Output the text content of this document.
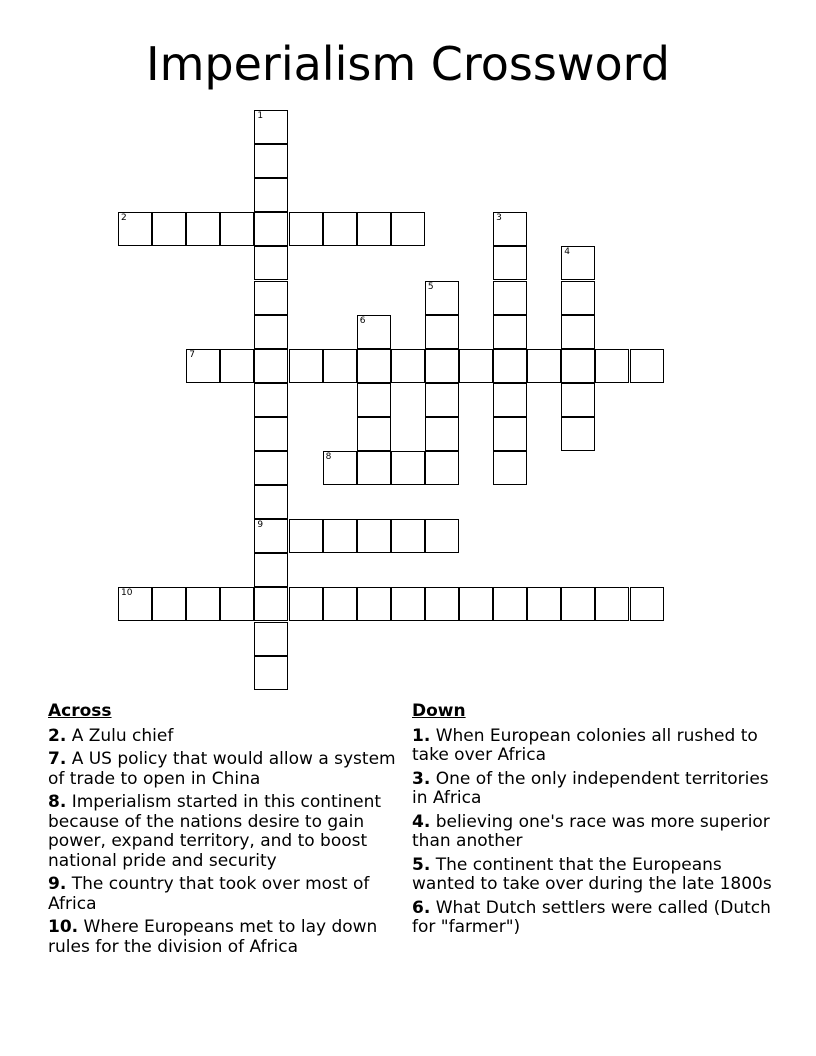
Imperialism Crossword
1
9
2	3
4
5
6
7
8
10
Across
2. A Zulu chief
7. A US policy that would allow a system of trade to open in China
8. Imperialism started in this continent because of the nations desire to gain power, expand territory, and to boost national pride and security
9. The country that took over most of Africa
10. Where Europeans met to lay down rules for the division of Africa
Down
1. When European colonies all rushed to take over Africa
3. One of the only independent territories in Africa
4. believing one's race was more superior than another
5. The continent that the Europeans wanted to take over during the late 1800s
6. What Dutch settlers were called (Dutch for "farmer")
